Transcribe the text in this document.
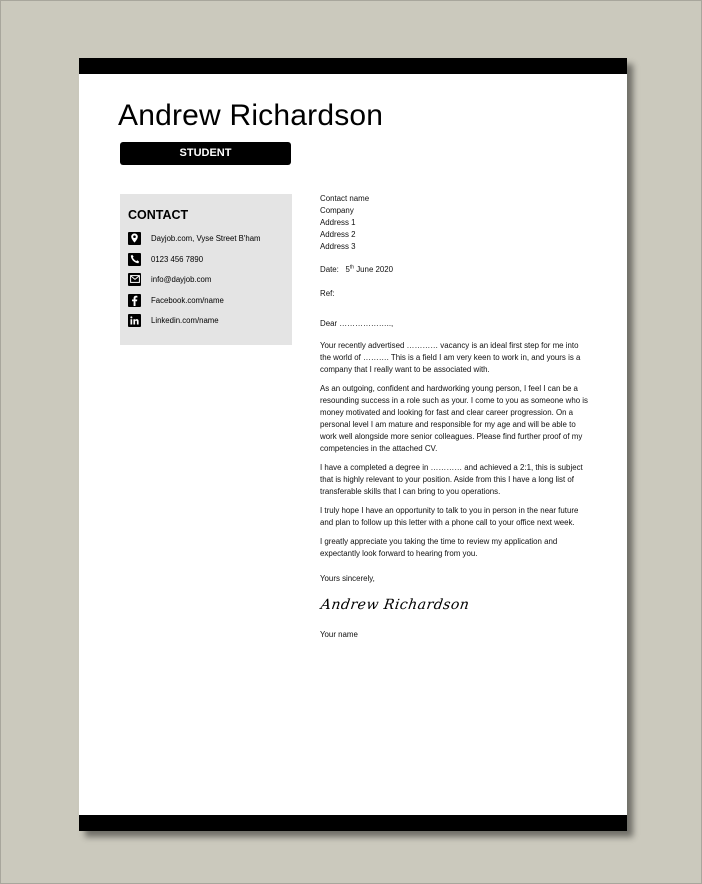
Andrew Richardson
STUDENT
CONTACT
Dayjob.com, Vyse Street B'ham
0123 456 7890
info@dayjob.com
Facebook.com/name
Linkedin.com/name
Contact name
Company
Address 1
Address 2
Address 3
Date: 5th June 2020
Ref:
Dear ………………..,

Your recently advertised ………… vacancy is an ideal first step for me into the world of ………. This is a field I am very keen to work in, and yours is a company that I really want to be associated with.

As an outgoing, confident and hardworking young person, I feel I can be a resounding success in a role such as your. I come to you as someone who is money motivated and looking for fast and clear career progression. On a personal level I am mature and responsible for my age and will be able to work well alongside more senior colleagues. Please find further proof of my competencies in the attached CV.

I have a completed a degree in ………… and achieved a 2:1, this is subject that is highly relevant to your position. Aside from this I have a long list of transferable skills that I can bring to you operations.

I truly hope I have an opportunity to talk to you in person in the near future and plan to follow up this letter with a phone call to your office next week.

I greatly appreciate you taking the time to review my application and expectantly look forward to hearing from you.

Yours sincerely,
Andrew Richardson
Your name
